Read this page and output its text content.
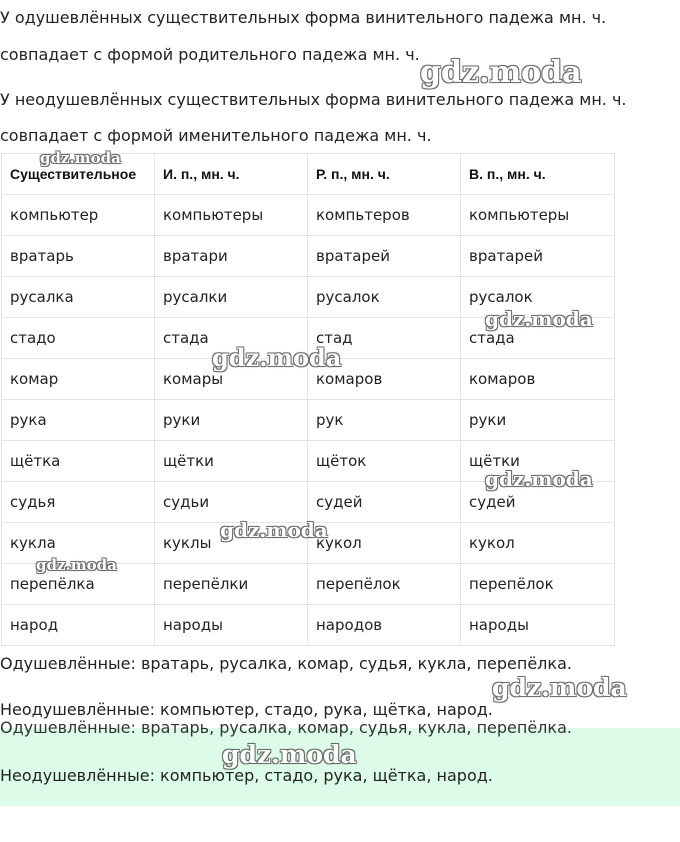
У одушевлённых существительных форма винительного падежа мн. ч.

совпадает с формой родительного падежа мн. ч.

У неодушевлённых существительных форма винительного падежа мн. ч.

совпадает с формой именительного падежа мн. ч.

Существительное	И. п., мн. ч.	Р. п., мн. ч.	В. п., мн. ч.
компьютер	компьютеры	компьтеров	компьютеры
вратарь	вратари	вратарей	вратарей
русалка	русалки	русалок	русалок
стадо	стада	стад	стада
комар	комары	комаров	комаров
рука	руки	рук	руки
щётка	щётки	щёток	щётки
судья	судьи	судей	судей
кукла	куклы	кукол	кукол
перепёлка	перепёлки	перепёлок	перепёлок
народ	народы	народов	народы

Одушевлённые: вратарь, русалка, комар, судья, кукла, перепёлка.

Неодушевлённые: компьютер, стадо, рука, щётка, народ.

Одушевлённые: вратарь, русалка, комар, судья, кукла, перепёлка.

Неодушевлённые: компьютер, стадо, рука, щётка, народ.

gdz.moda
gdz.moda
gdz.moda
gdz.moda
gdz.moda
gdz.moda
gdz.moda
gdz.moda
gdz.moda
